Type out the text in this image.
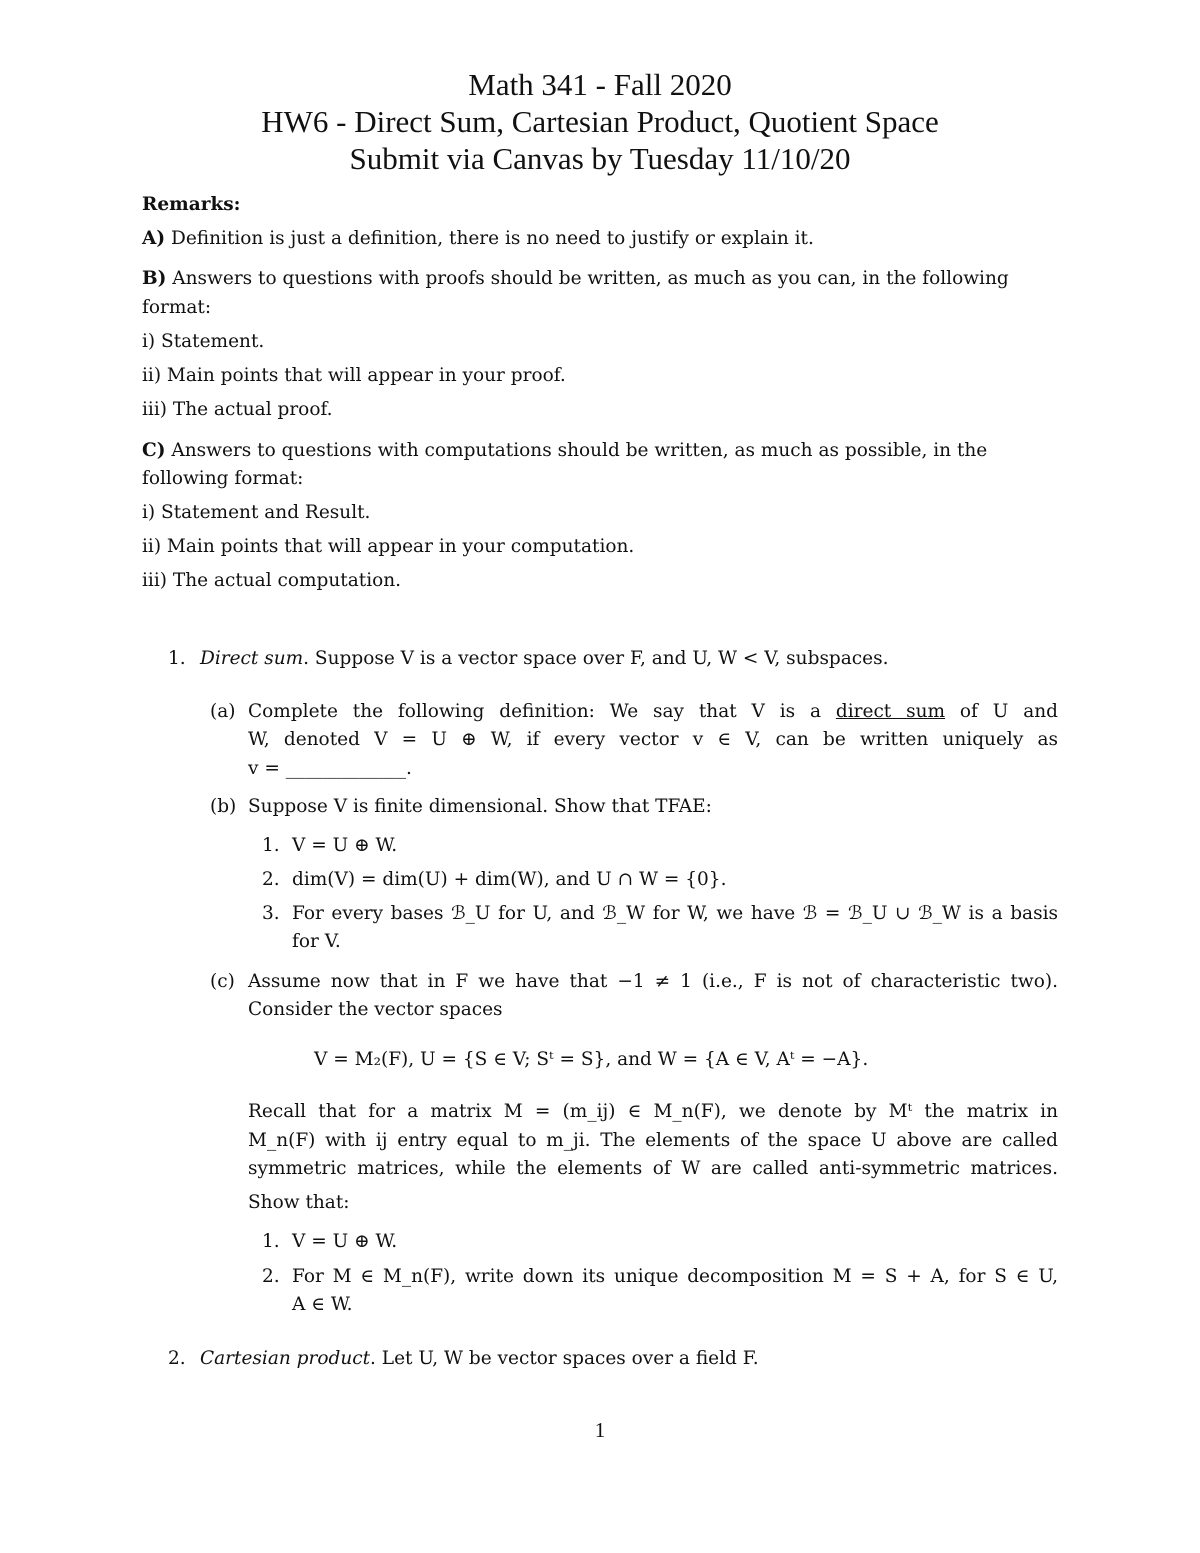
Math 341 - Fall 2020
HW6 - Direct Sum, Cartesian Product, Quotient Space
Submit via Canvas by Tuesday 11/10/20
Remarks:
A) Definition is just a definition, there is no need to justify or explain it.
B) Answers to questions with proofs should be written, as much as you can, in the following
format:
i) Statement.
ii) Main points that will appear in your proof.
iii) The actual proof.
C) Answers to questions with computations should be written, as much as possible, in the
following format:
i) Statement and Result.
ii) Main points that will appear in your computation.
iii) The actual computation.
1. Direct sum. Suppose V is a vector space over F, and U, W < V, subspaces.
(a) Complete the following definition: We say that V is a direct sum of U and
W, denoted V = U ⊕ W, if every vector v ∈ V, can be written uniquely as
v = _____________.
(b) Suppose V is finite dimensional. Show that TFAE:
1. V = U ⊕ W.
2. dim(V) = dim(U) + dim(W), and U ∩ W = {0}.
3. For every bases ℬ_U for U, and ℬ_W for W, we have ℬ = ℬ_U ∪ ℬ_W is a basis
for V.
(c) Assume now that in F we have that −1 ≠ 1 (i.e., F is not of characteristic two).
Consider the vector spaces
V = M₂(F), U = {S ∈ V; Sᵗ = S}, and W = {A ∈ V, Aᵗ = −A}.
Recall that for a matrix M = (m_ij) ∈ M_n(F), we denote by Mᵗ the matrix in
M_n(F) with ij entry equal to m_ji. The elements of the space U above are called
symmetric matrices, while the elements of W are called anti-symmetric matrices.
Show that:
1. V = U ⊕ W.
2. For M ∈ M_n(F), write down its unique decomposition M = S + A, for S ∈ U,
A ∈ W.
2. Cartesian product. Let U, W be vector spaces over a field F.
1
